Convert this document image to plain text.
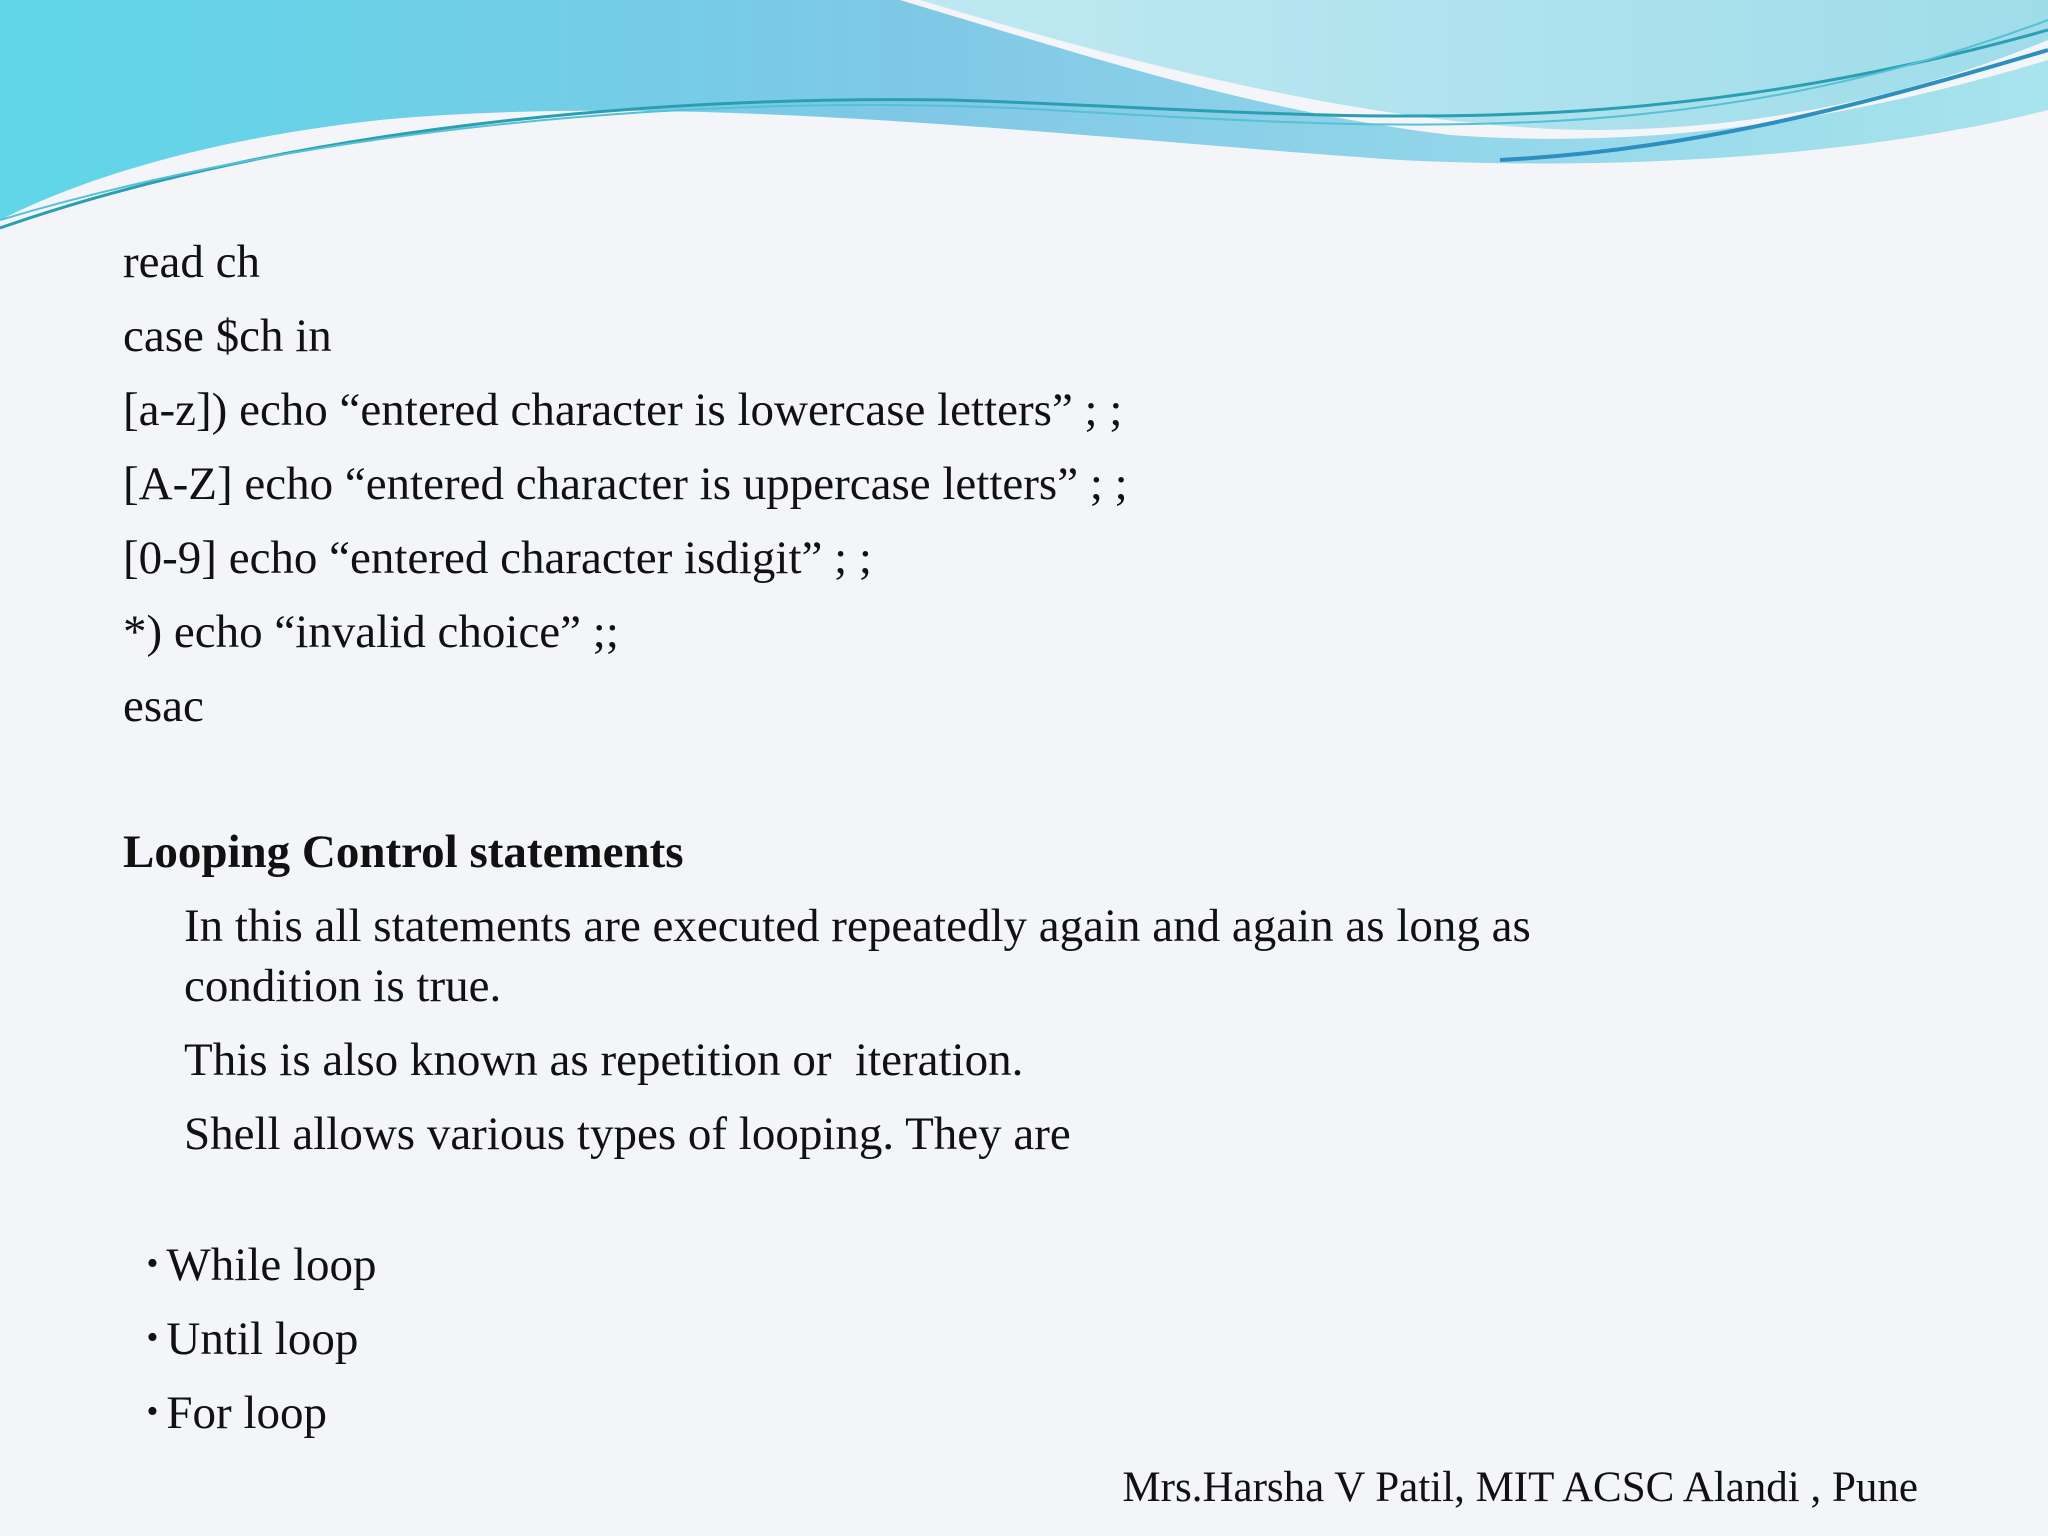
read ch
case $ch in
[a-z]) echo “entered character is lowercase letters” ; ;
[A-Z] echo “entered character is uppercase letters” ; ;
[0-9] echo “entered character isdigit” ; ;
*) echo “invalid choice” ;;
esac
Looping Control statements
In this all statements are executed repeatedly again and again as long as
condition is true.
This is also known as repetition or  iteration.
Shell allows various types of looping. They are

• While loop

• Until loop

• For loop

Mrs.Harsha V Patil, MIT ACSC Alandi , Pune
